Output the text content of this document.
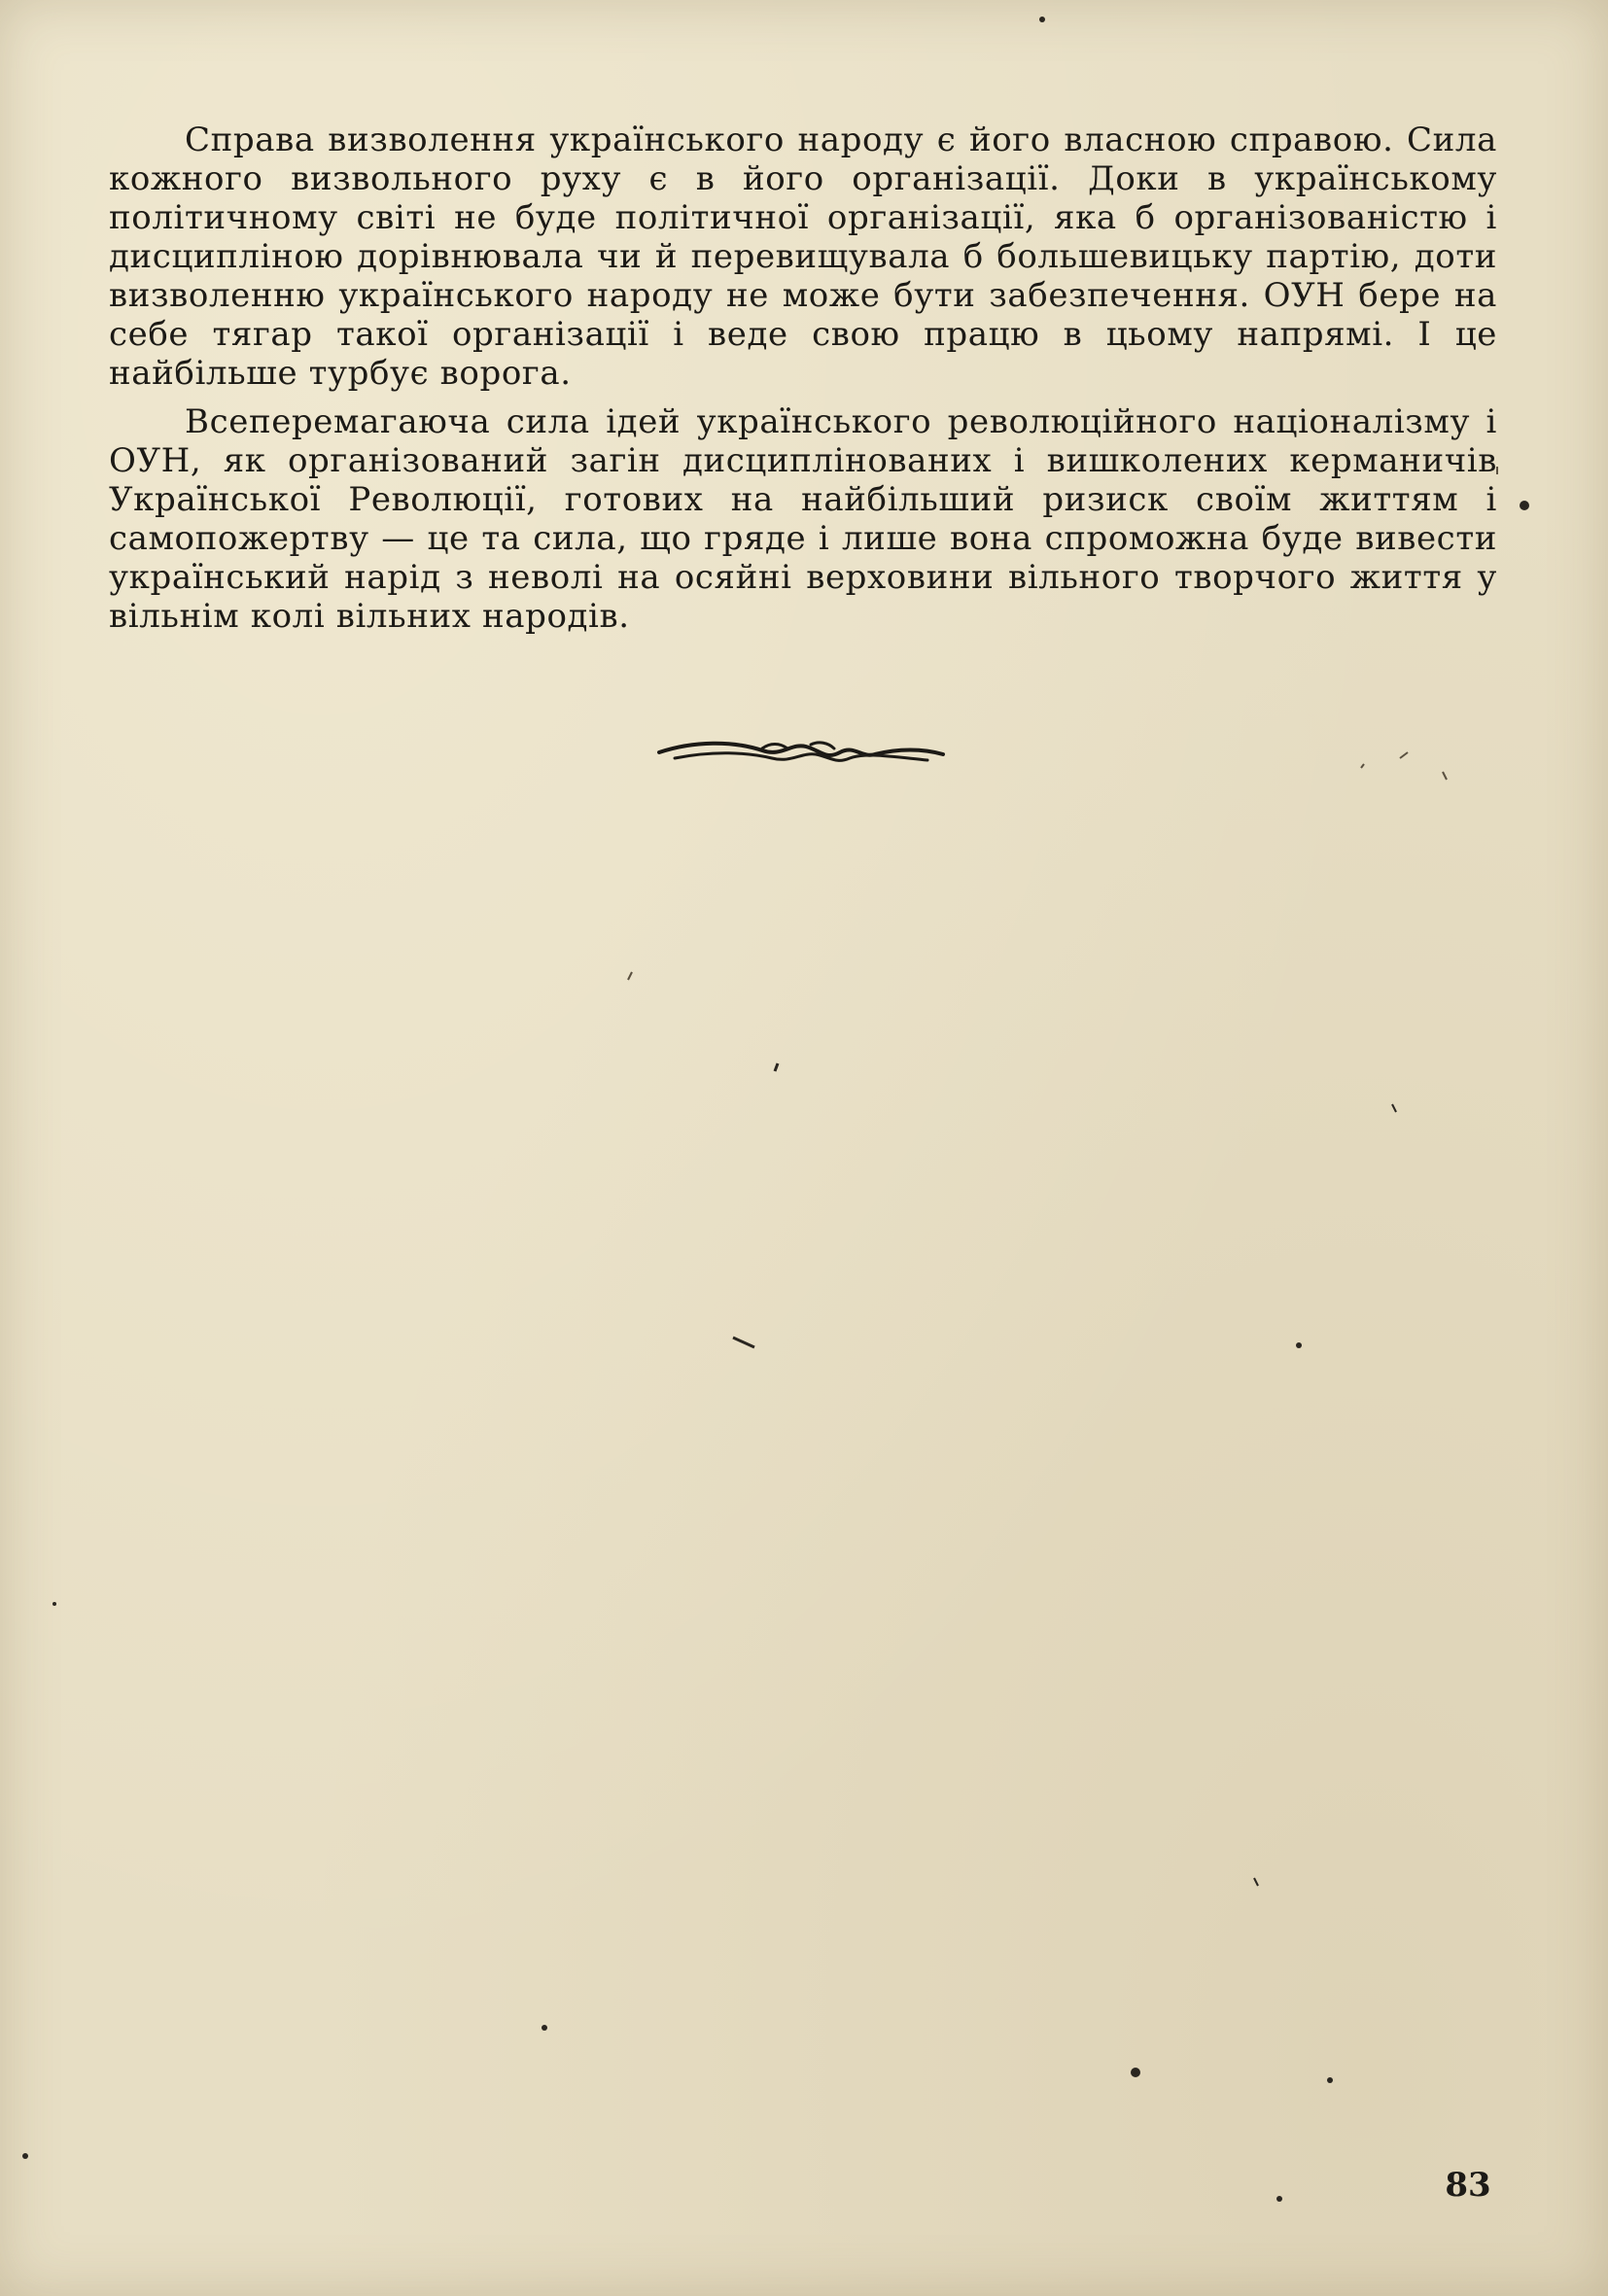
Справа визволення українського народу є його власною справою. Сила кожного визвольного руху є в його організації. Доки в українському політичному світі не буде політичної організації, яка б організованістю і дисципліною дорівнювала чи й перевищувала б большевицьку партію, доти визволенню українського народу не може бути забезпечення. ОУН бере на себе тягар такої організації і веде свою працю в цьому напрямі. І це найбільше турбує ворога.

Всеперемагаюча сила ідей українського революційного націоналізму і ОУН, як організований загін дисциплінованих і вишколених керманичів Української Революції, готових на найбільший ризиск своїм життям і самопожертву — це та сила, що гряде і лише вона спроможна буде вивести український нарід з неволі на осяйні верховини вільного творчого життя у вільнім колі вільних народів.

83
